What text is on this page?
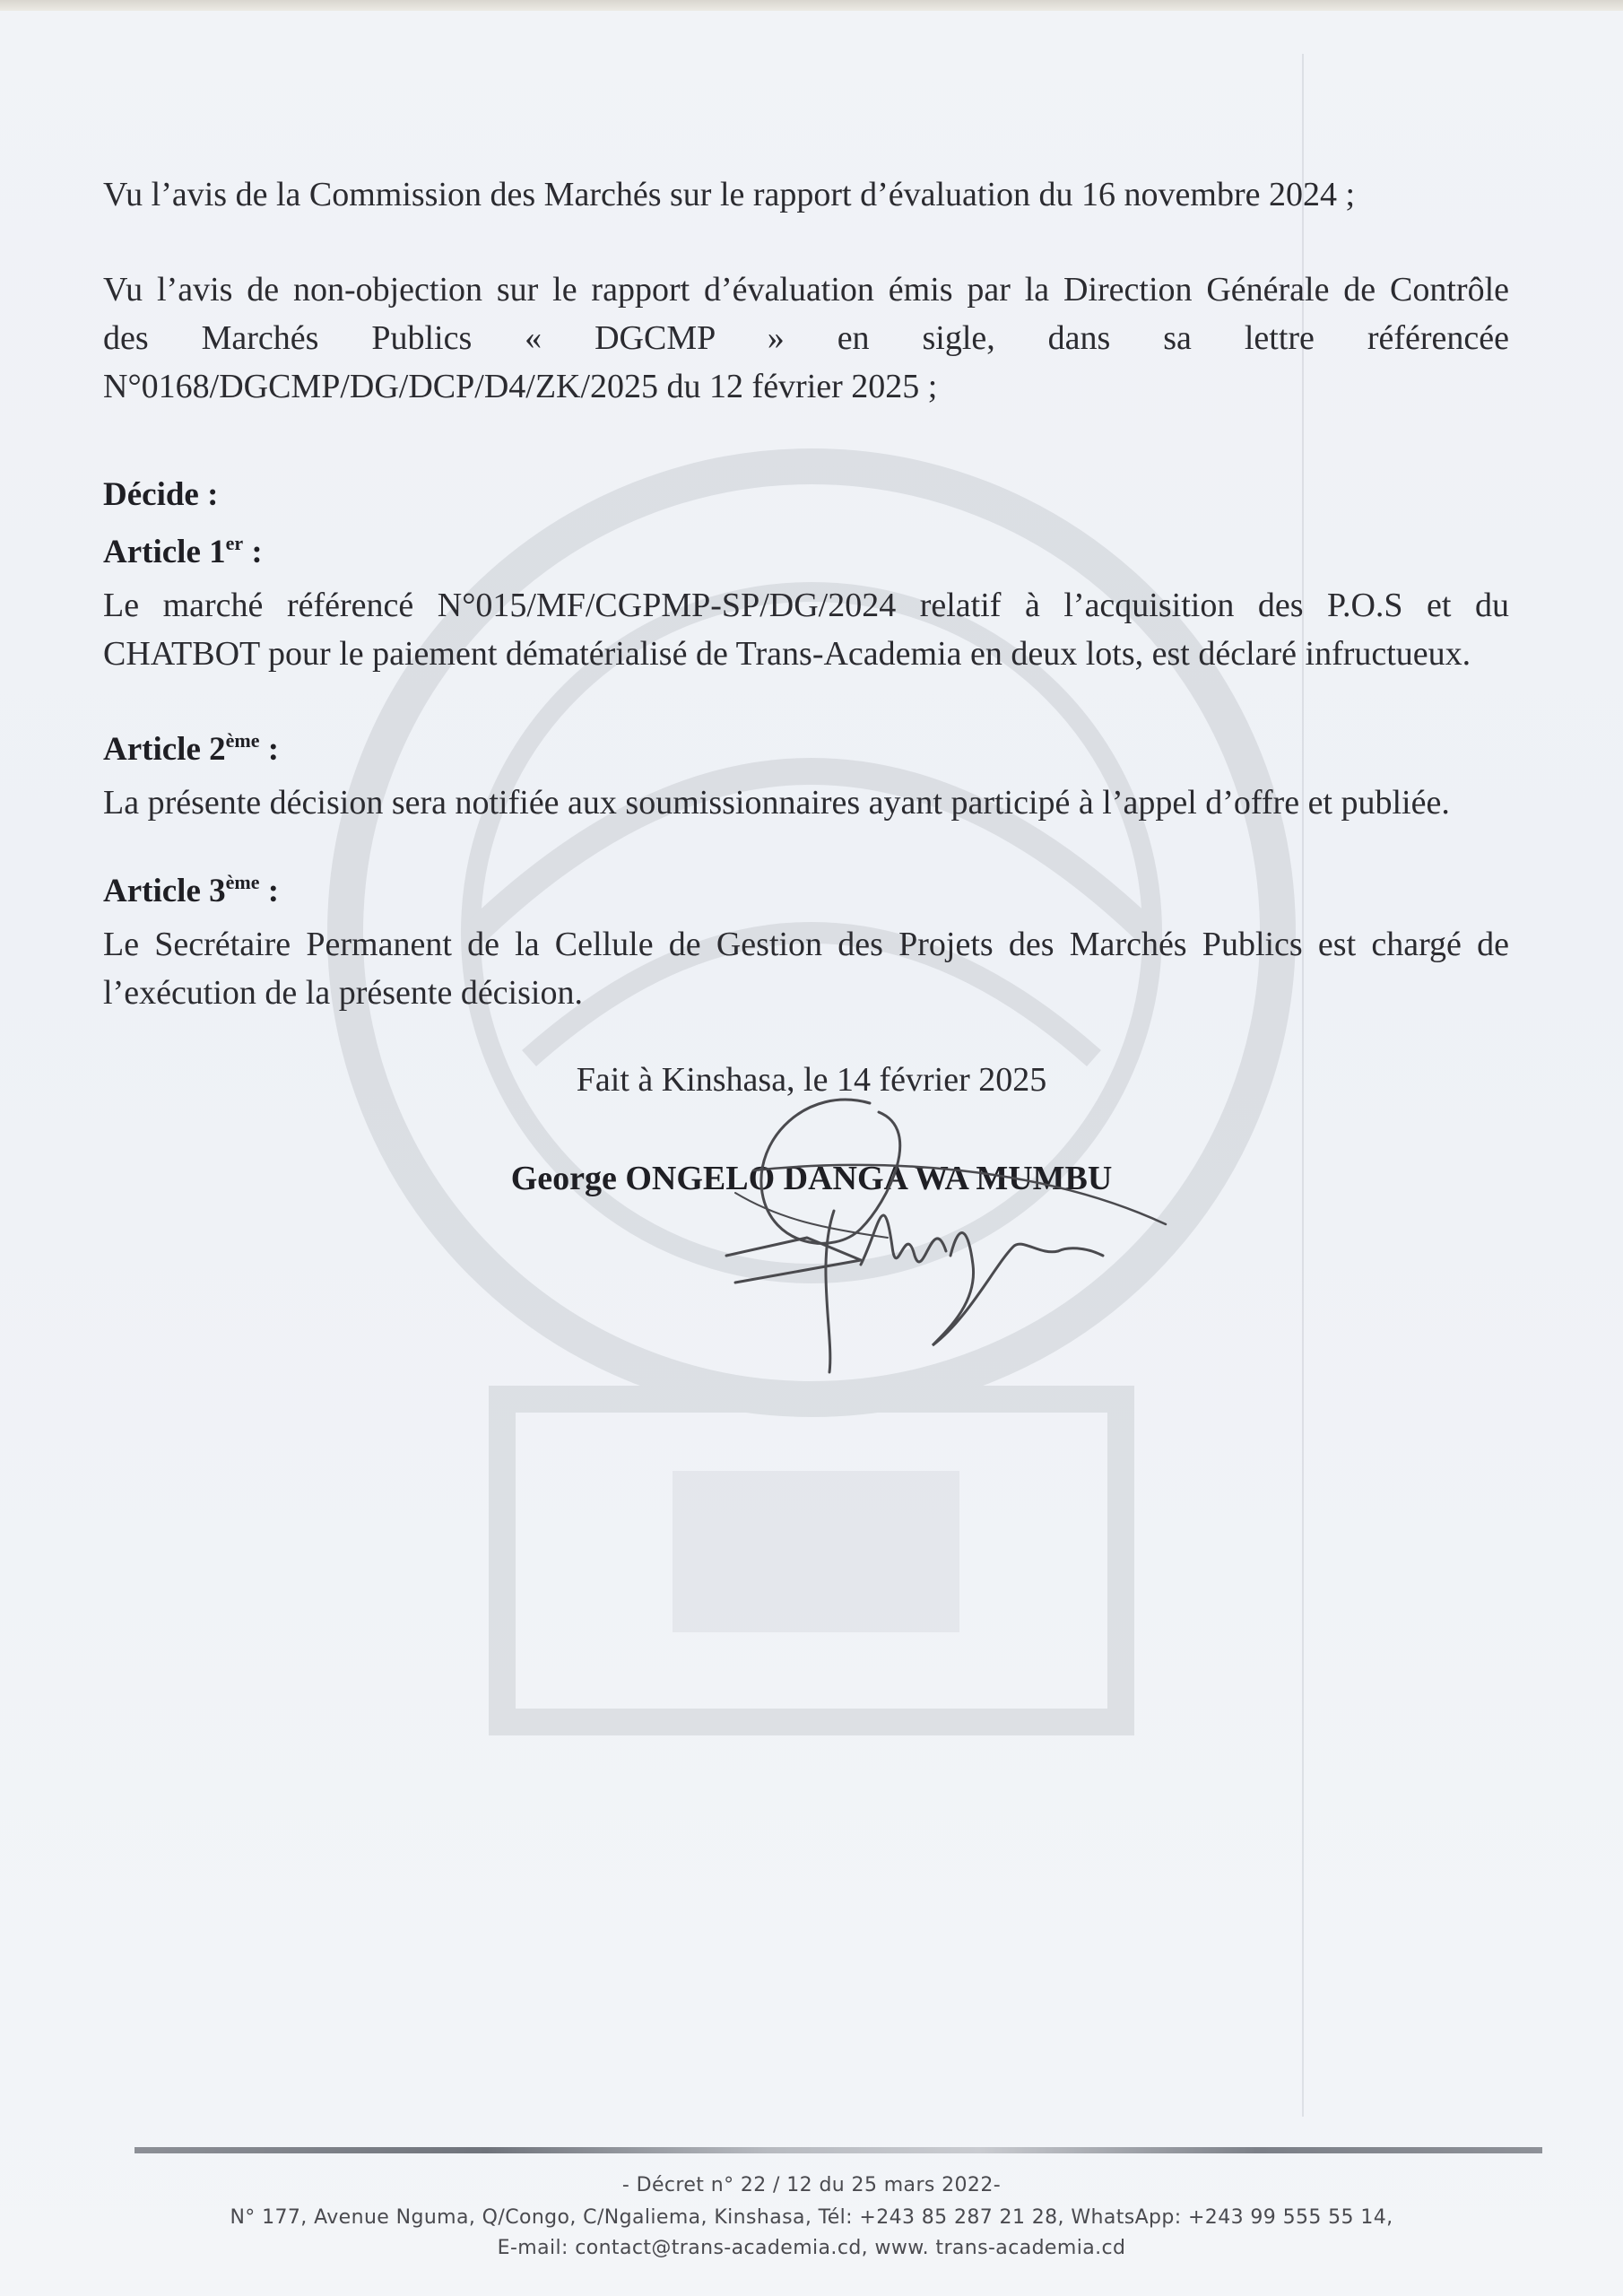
Vu l’avis de la Commission des Marchés sur le rapport d’évaluation du 16 novembre 2024 ;
Vu l’avis de non-objection sur le rapport d’évaluation émis par la Direction Générale de Contrôle
des Marchés Publics « DGCMP » en sigle, dans sa lettre référencée
N°0168/DGCMP/DG/DCP/D4/ZK/2025 du 12 février 2025 ;
Décide :
Article 1er :
Le marché référencé N°015/MF/CGPMP-SP/DG/2024 relatif à l’acquisition des P.O.S et du CHATBOT pour le paiement dématérialisé de Trans-Academia en deux lots, est déclaré infructueux.
Article 2ème :
La présente décision sera notifiée aux soumissionnaires ayant participé à l’appel d’offre et publiée.
Article 3ème :
Le Secrétaire Permanent de la Cellule de Gestion des Projets des Marchés Publics est chargé de l’exécution de la présente décision.
Fait à Kinshasa, le 14 février 2025
George ONGELO DANGA WA MUMBU
- Décret n° 22 / 12 du 25 mars 2022-
N° 177, Avenue Nguma, Q/Congo, C/Ngaliema, Kinshasa, Tél: +243 85 287 21 28, WhatsApp: +243 99 555 55 14,
E-mail: contact@trans-academia.cd, www. trans-academia.cd
